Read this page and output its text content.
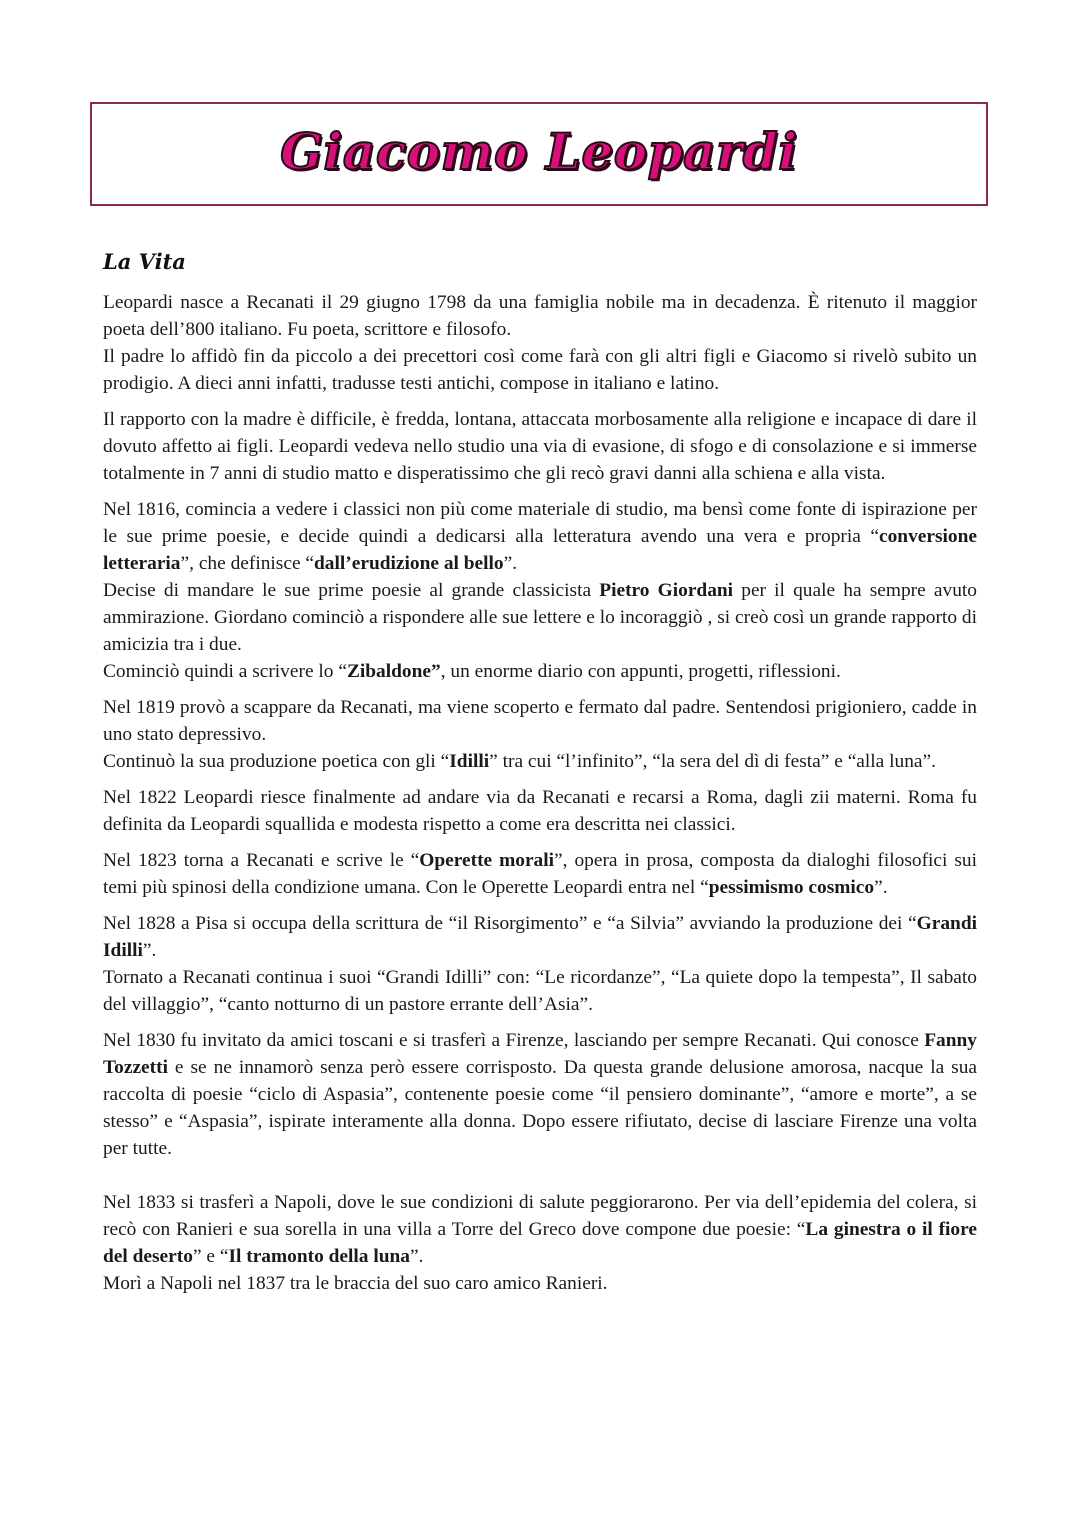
Giacomo Leopardi
La Vita

Leopardi nasce a Recanati il 29 giugno 1798 da una famiglia nobile ma in decadenza. È ritenuto il maggior poeta dell’800 italiano. Fu poeta, scrittore e filosofo.
Il padre lo affidò fin da piccolo a dei precettori così come farà con gli altri figli e Giacomo si rivelò subito un prodigio. A dieci anni infatti, tradusse testi antichi, compose in italiano e latino.

Il rapporto con la madre è difficile, è fredda, lontana, attaccata morbosamente alla religione e incapace di dare il dovuto affetto ai figli. Leopardi vedeva nello studio una via di evasione, di sfogo e di consolazione e si immerse totalmente in 7 anni di studio matto e disperatissimo che gli recò gravi danni alla schiena e alla vista.

Nel 1816, comincia a vedere i classici non più come materiale di studio, ma bensì come fonte di ispirazione per le sue prime poesie, e decide quindi a dedicarsi alla letteratura avendo una vera e propria “conversione letteraria”, che definisce “dall’erudizione al bello”.
Decise di mandare le sue prime poesie al grande classicista Pietro Giordani per il quale ha sempre avuto ammirazione. Giordano cominciò a rispondere alle sue lettere e lo incoraggiò , si creò così un grande rapporto di amicizia tra i due.
Cominciò quindi a scrivere lo “Zibaldone”, un enorme diario con appunti, progetti, riflessioni.

Nel 1819 provò a scappare da Recanati, ma viene scoperto e fermato dal padre. Sentendosi prigioniero, cadde in uno stato depressivo.
Continuò la sua produzione poetica con gli “Idilli” tra cui “l’infinito”, “la sera del dì di festa” e “alla luna”.

Nel 1822 Leopardi riesce finalmente ad andare via da Recanati e recarsi a Roma, dagli zii materni. Roma fu definita da Leopardi squallida e modesta rispetto a come era descritta nei classici.

Nel 1823 torna a Recanati e scrive le “Operette morali”, opera in prosa, composta da dialoghi filosofici sui temi più spinosi della condizione umana. Con le Operette Leopardi entra nel “pessimismo cosmico”.

Nel 1828 a Pisa si occupa della scrittura de “il Risorgimento” e “a Silvia” avviando la produzione dei “Grandi Idilli”.
Tornato a Recanati continua i suoi “Grandi Idilli” con: “Le ricordanze”, “La quiete dopo la tempesta”, Il sabato del villaggio”, “canto notturno di un pastore errante dell’Asia”.

Nel 1830 fu invitato da amici toscani e si trasferì a Firenze, lasciando per sempre Recanati. Qui conosce Fanny Tozzetti e se ne innamorò senza però essere corrisposto. Da questa grande delusione amorosa, nacque la sua raccolta di poesie “ciclo di Aspasia”, contenente poesie come “il pensiero dominante”, “amore e morte”, a se stesso” e “Aspasia”, ispirate interamente alla donna. Dopo essere rifiutato, decise di lasciare Firenze una volta per tutte.

Nel 1833 si trasferì a Napoli, dove le sue condizioni di salute peggiorarono. Per via dell’epidemia del colera, si recò con Ranieri e sua sorella in una villa a Torre del Greco dove compone due poesie: “La ginestra o il fiore del deserto” e “Il tramonto della luna”.
Morì a Napoli nel 1837 tra le braccia del suo caro amico Ranieri.
